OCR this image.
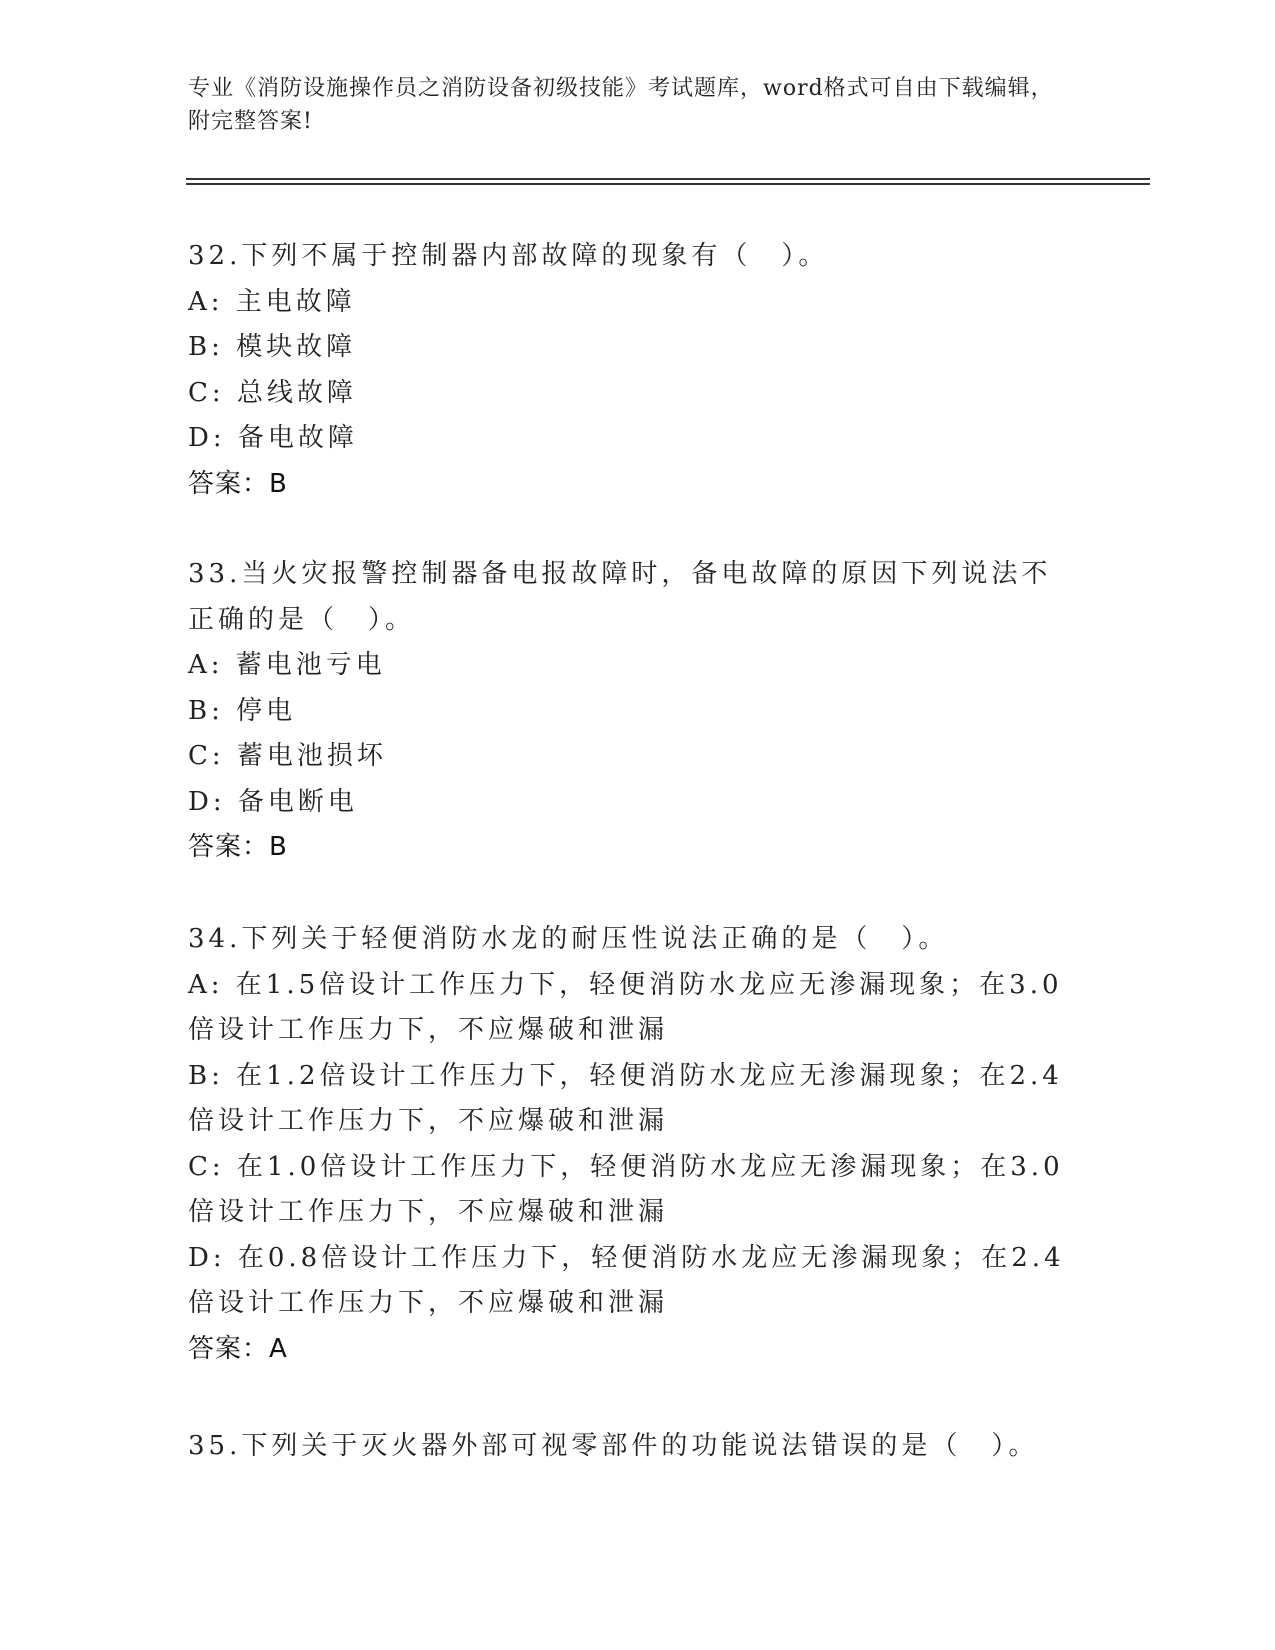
专业《消防设施操作员之消防设备初级技能》考试题库，word格式可自由下载编辑，附完整答案!
32.下列不属于控制器内部故障的现象有（　）。
A: 主电故障
B: 模块故障
C: 总线故障
D: 备电故障
答案：B
33.当火灾报警控制器备电报故障时，备电故障的原因下列说法不正确的是（　）。
A: 蓄电池亏电
B: 停电
C: 蓄电池损坏
D: 备电断电
答案：B
34.下列关于轻便消防水龙的耐压性说法正确的是（　）。
A: 在1.5倍设计工作压力下，轻便消防水龙应无渗漏现象；在3.0倍设计工作压力下，不应爆破和泄漏
B: 在1.2倍设计工作压力下，轻便消防水龙应无渗漏现象；在2.4倍设计工作压力下，不应爆破和泄漏
C: 在1.0倍设计工作压力下，轻便消防水龙应无渗漏现象；在3.0倍设计工作压力下，不应爆破和泄漏
D: 在0.8倍设计工作压力下，轻便消防水龙应无渗漏现象；在2.4倍设计工作压力下，不应爆破和泄漏
答案：A
35.下列关于灭火器外部可视零部件的功能说法错误的是（　）。
